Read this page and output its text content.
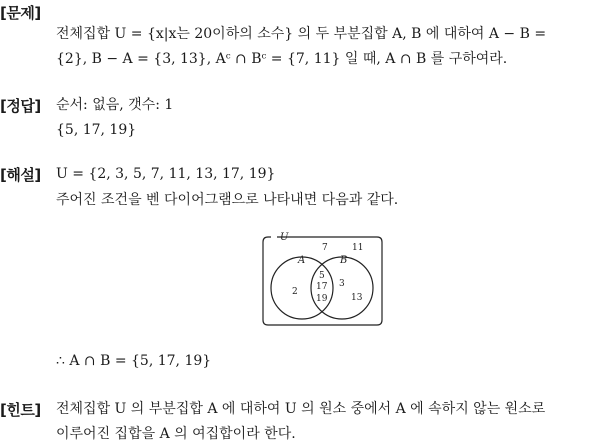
[문제]
전체집합 U = {x|x는 20이하의 소수} 의 두 부분집합 A, B 에 대하여 A − B =
{2}, B − A = {3, 13}, Aᶜ ∩ Bᶜ = {7, 11} 일 때, A ∩ B 를 구하여라.
[정답] 순서: 없음, 갯수: 1
{5, 17, 19}
[해설] U = {2, 3, 5, 7, 11, 13, 17, 19}
주어진 조건을 벤 다이어그램으로 나타내면 다음과 같다.
U
A	B
7	11
2
5
17
19
3
13
∴ A ∩ B = {5, 17, 19}
[힌트] 전체집합 U 의 부분집합 A 에 대하여 U 의 원소 중에서 A 에 속하지 않는 원소로
이루어진 집합을 A 의 여집합이라 한다.
